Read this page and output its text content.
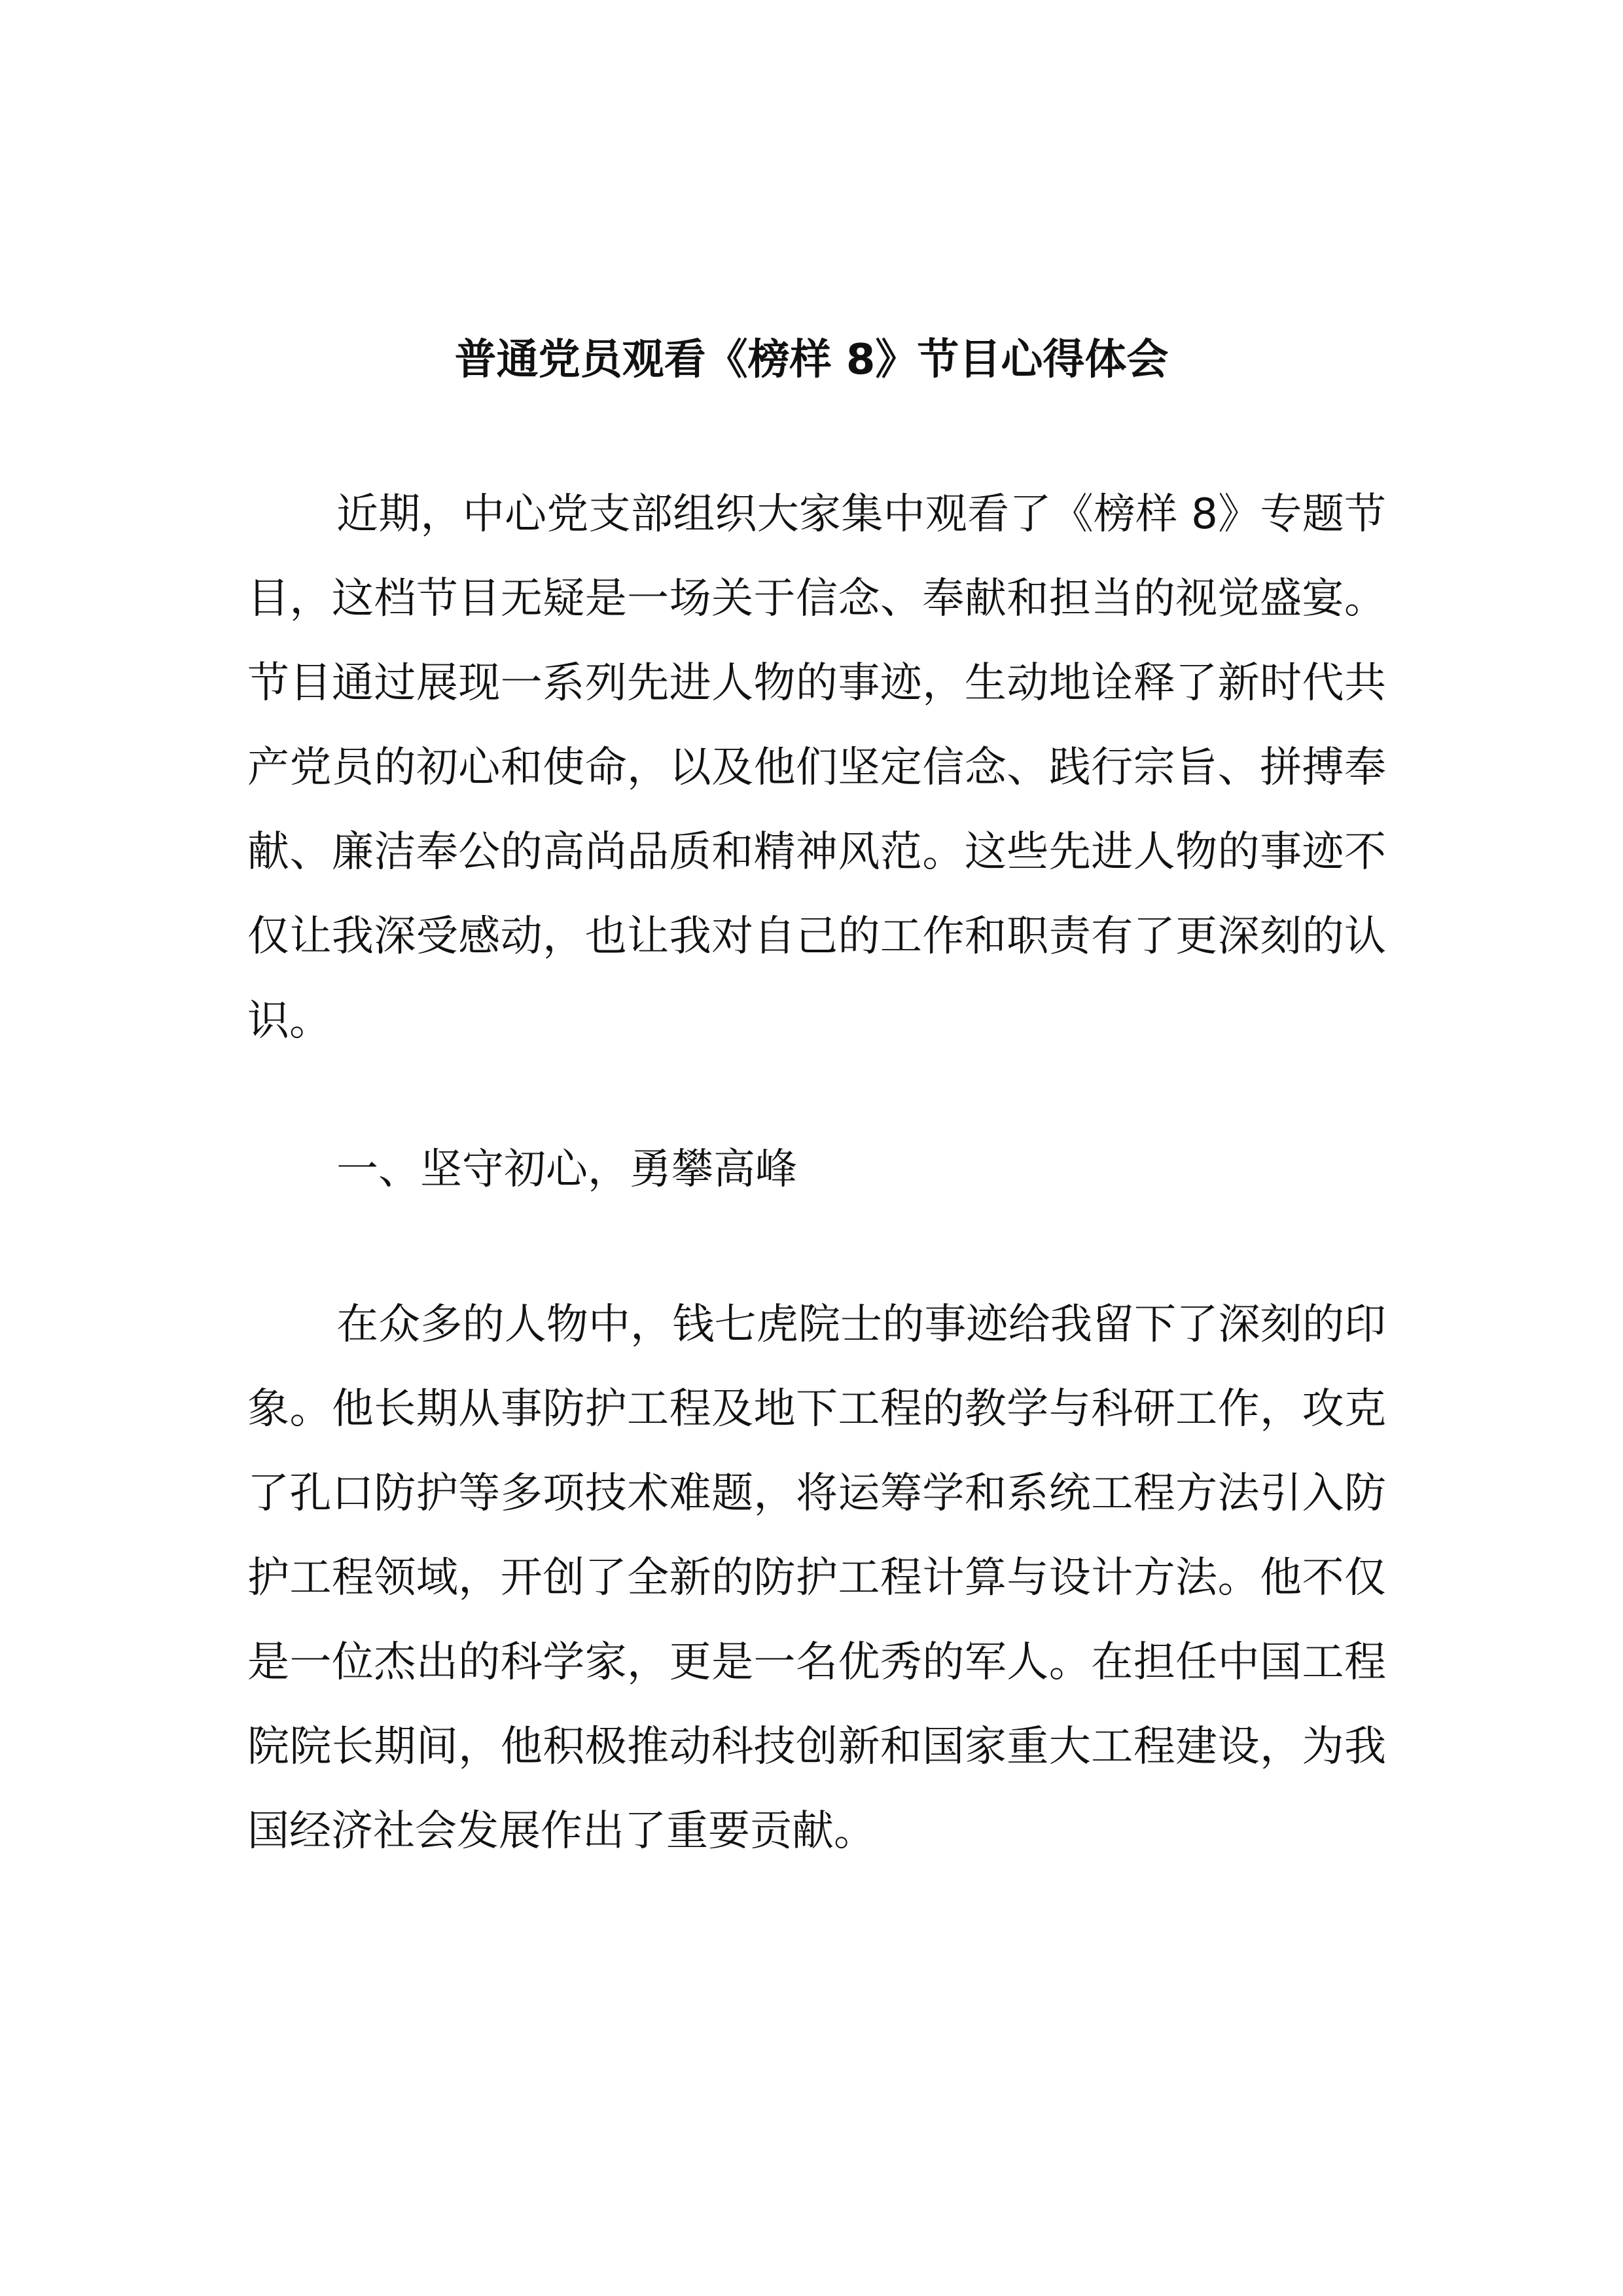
普通党员观看《榜样 8》节目心得体会

近期，中心党支部组织大家集中观看了《榜样 8》专题节目，这档节目无疑是一场关于信念、奉献和担当的视觉盛宴。节目通过展现一系列先进人物的事迹，生动地诠释了新时代共产党员的初心和使命，以及他们坚定信念、践行宗旨、拼搏奉献、廉洁奉公的高尚品质和精神风范。这些先进人物的事迹不仅让我深受感动，也让我对自己的工作和职责有了更深刻的认识。

一、坚守初心，勇攀高峰

在众多的人物中，钱七虎院士的事迹给我留下了深刻的印象。他长期从事防护工程及地下工程的教学与科研工作，攻克了孔口防护等多项技术难题，将运筹学和系统工程方法引入防护工程领域，开创了全新的防护工程计算与设计方法。他不仅是一位杰出的科学家，更是一名优秀的军人。在担任中国工程院院长期间，他积极推动科技创新和国家重大工程建设，为我国经济社会发展作出了重要贡献。
